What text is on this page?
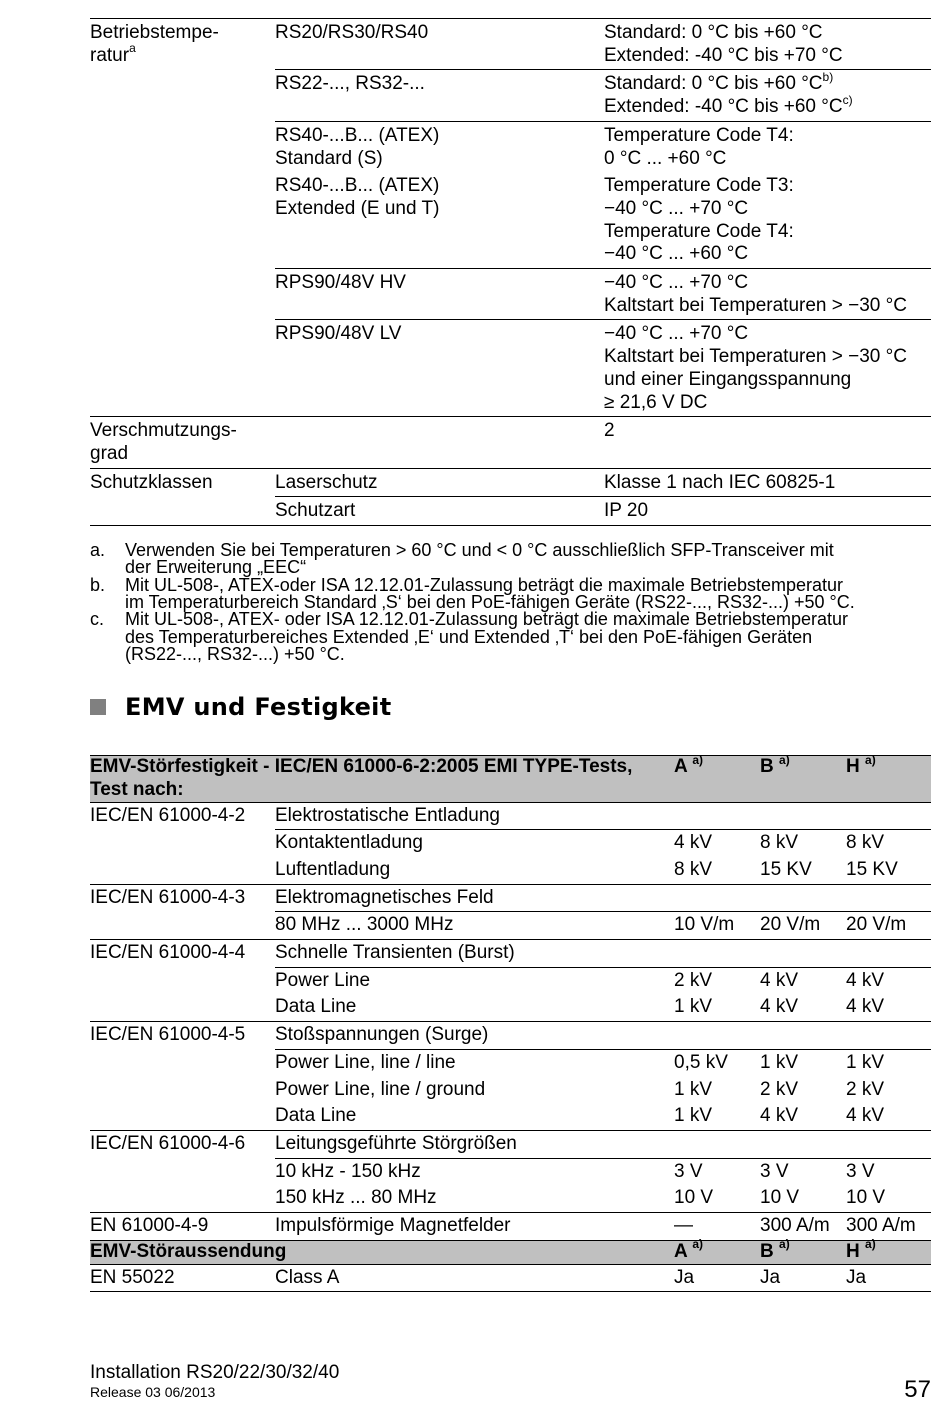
Betriebstempe-
ratur$^a$	RS20/RS30/RS40	Standard: 0 °C bis +60 °C
Extended: -40 °C bis +70 °C

	RS22-..., RS32-...	Standard: 0 °C bis +60 $^\circ C^{b)}$
Extended: -40 °C bis +60 $^\circ C^{c)}$

	RS40-...B... (ATEX)
Standard (S)	Temperature Code T4:
0 °C ... +60 °C

	RS40-...B... (ATEX)
Extended (E und T)	Temperature Code T3:
−40 °C ... +70 °C
Temperature Code T4:
−40 °C ... +60 °C

	RPS90/48V HV	−40 °C ... +70 °C
Kaltstart bei Temperaturen > −30 °C

	RPS90/48V LV	−40 °C ... +70 °C
Kaltstart bei Temperaturen > −30 °C
und einer Eingangsspannung
≥ 21,6 V DC

Verschmutzungs-
grad		2

Schutzklassen	Laserschutz	Klasse 1 nach IEC 60825-1

	Schutzart	IP 20
a.	Verwenden Sie bei Temperaturen > 60 °C und < 0 °C ausschließlich SFP-Transceiver mit
der Erweiterung „EEC“
b.	Mit UL-508-, ATEX-oder ISA 12.12.01-Zulassung beträgt die maximale Betriebstemperatur
im Temperaturbereich Standard ‚S‘ bei den PoE-fähigen Geräte (RS22-..., RS32-...) +50 °C.
c.	Mit UL-508-, ATEX- oder ISA 12.12.01-Zulassung beträgt die maximale Betriebstemperatur
des Temperaturbereiches Extended ‚E‘ und Extended ‚T‘ bei den PoE-fähigen Geräten
(RS22-..., RS32-...) +50 °C.
EMV und Festigkeit
EMV-Störfestigkeit - IEC/EN 61000-6-2:2005 EMI TYPE-Tests,
Test nach:		A $^{a)}$	B $^{a)}$	H $^{a)}$
IEC/EN 61000-4-2	Elektrostatische Entladung			
	Kontaktentladung	4 kV	8 kV	8 kV
	Luftentladung	8 kV	15 KV	15 KV
IEC/EN 61000-4-3	Elektromagnetisches Feld			
	80 MHz ... 3000 MHz	10 V/m	20 V/m	20 V/m
IEC/EN 61000-4-4	Schnelle Transienten (Burst)			
	Power Line	2 kV	4 kV	4 kV
	Data Line	1 kV	4 kV	4 kV
IEC/EN 61000-4-5	Stoßspannungen (Surge)			
	Power Line, line / line	0,5 kV	1 kV	1 kV
	Power Line, line / ground	1 kV	2 kV	2 kV
	Data Line	1 kV	4 kV	4 kV
IEC/EN 61000-4-6	Leitungsgeführte Störgrößen			
	10 kHz - 150 kHz	3 V	3 V	3 V
	150 kHz ... 80 MHz	10 V	10 V	10 V
EN 61000-4-9	Impulsförmige Magnetfelder	—	300 A/m	300 A/m
EMV-Störaussendung		A $^{a)}$	B $^{a)}$	H $^{a)}$
EN 55022	Class A	Ja	Ja	Ja
Installation RS20/22/30/32/40
Release 03 06/2013	57
